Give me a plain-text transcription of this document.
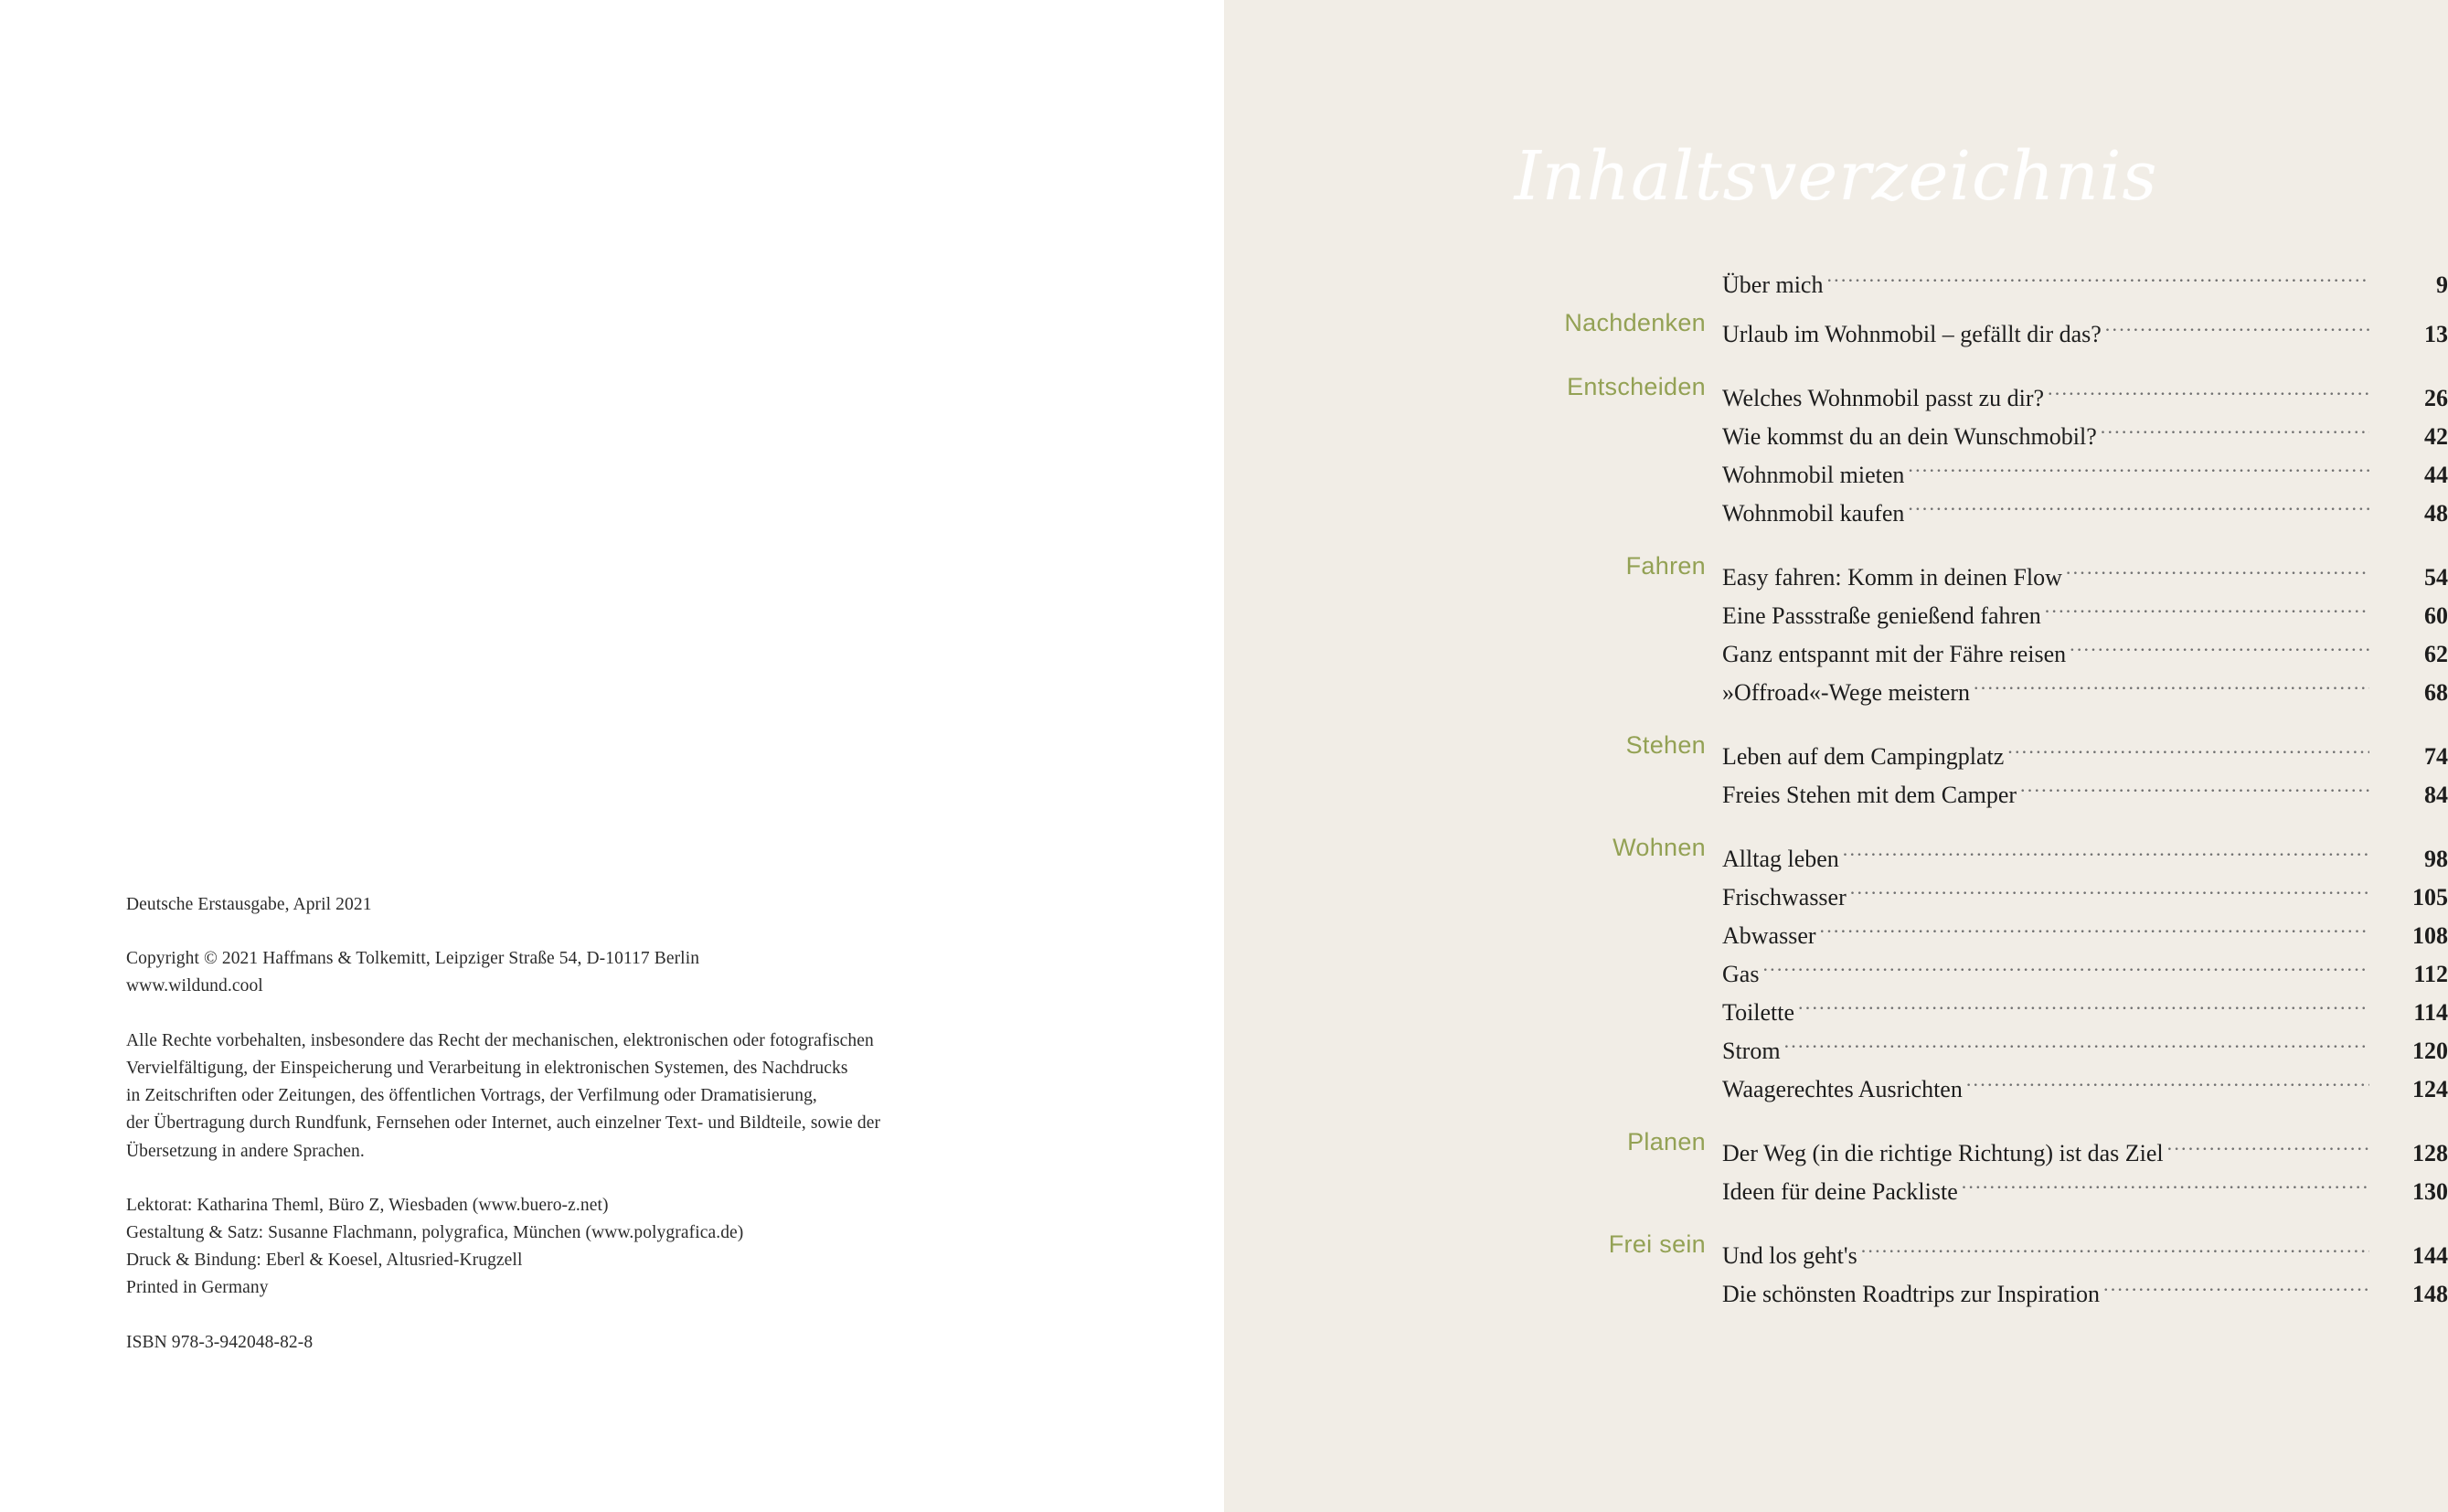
Deutsche Erstausgabe, April 2021

Copyright © 2021 Haffmans & Tolkemitt, Leipziger Straße 54, D-10117 Berlin
www.wildund.cool

Alle Rechte vorbehalten, insbesondere das Recht der mechanischen, elektronischen oder fotografischen
Vervielfältigung, der Einspeicherung und Verarbeitung in elektronischen Systemen, des Nachdrucks
in Zeitschriften oder Zeitungen, des öffentlichen Vortrags, der Verfilmung oder Dramatisierung,
der Übertragung durch Rundfunk, Fernsehen oder Internet, auch einzelner Text- und Bildteile, sowie der
Übersetzung in andere Sprachen.

Lektorat: Katharina Theml, Büro Z, Wiesbaden (www.buero-z.net)
Gestaltung & Satz: Susanne Flachmann, polygrafica, München (www.polygrafica.de)
Druck & Bindung: Eberl & Koesel, Altusried-Krugzell
Printed in Germany

ISBN 978-3-942048-82-8

Inhaltsverzeichnis
Über mich .....	9
Nachdenken Urlaub im Wohnmobil – gefällt dir das? .....	13
Entscheiden Welches Wohnmobil passt zu dir? .....	26
Wie kommst du an dein Wunschmobil? .....	42
Wohnmobil mieten .....	44
Wohnmobil kaufen .....	48
Fahren Easy fahren: Komm in deinen Flow .....	54
Eine Passstraße genießend fahren .....	60
Ganz entspannt mit der Fähre reisen .....	62
»Offroad«-Wege meistern .....	68
Stehen Leben auf dem Campingplatz .....	74
Freies Stehen mit dem Camper .....	84
Wohnen Alltag leben .....	98
Frischwasser .....	105
Abwasser .....	108
Gas .....	112
Toilette .....	114
Strom .....	120
Waagerechtes Ausrichten .....	124
Planen Der Weg (in die richtige Richtung) ist das Ziel .....	128
Ideen für deine Packliste .....	130
Frei sein Und los geht's .....	144
Die schönsten Roadtrips zur Inspiration .....	148
